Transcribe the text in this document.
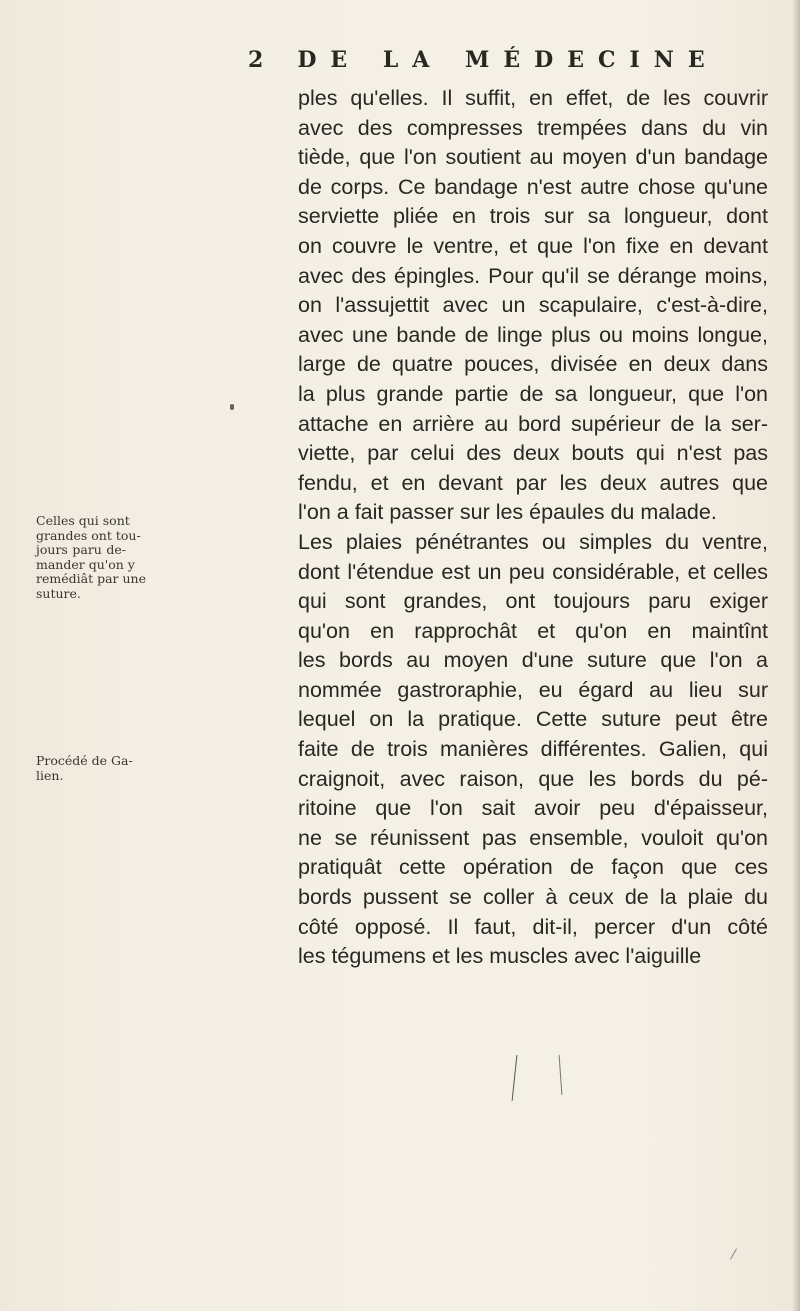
2 DE LA MÉDECINE
ples qu'elles. Il suffit, en effet, de les couvrir
avec des compresses trempées dans du vin
tiède, que l'on soutient au moyen d'un bandage
de corps. Ce bandage n'est autre chose qu'une
serviette pliée en trois sur sa longueur, dont
on couvre le ventre, et que l'on fixe en devant
avec des épingles. Pour qu'il se dérange moins,
on l'assujettit avec un scapulaire, c'est-à-dire,
avec une bande de linge plus ou moins longue,
large de quatre pouces, divisée en deux dans
la plus grande partie de sa longueur, que l'on
attache en arrière au bord supérieur de la ser-
viette, par celui des deux bouts qui n'est pas
fendu, et en devant par les deux autres que
l'on a fait passer sur les épaules du malade.
Les plaies pénétrantes ou simples du ventre,
dont l'étendue est un peu considérable, et celles
qui sont grandes, ont toujours paru exiger
qu'on en rapprochât et qu'on en maintînt
les bords au moyen d'une suture que l'on a
nommée gastroraphie, eu égard au lieu sur
lequel on la pratique. Cette suture peut être
faite de trois manières différentes. Galien, qui
craignoit, avec raison, que les bords du pé-
ritoine que l'on sait avoir peu d'épaisseur,
ne se réunissent pas ensemble, vouloit qu'on
pratiquât cette opération de façon que ces
bords pussent se coller à ceux de la plaie du
côté opposé. Il faut, dit-il, percer d'un côté
les tégumens et les muscles avec l'aiguille
Celles qui sont
grandes ont tou-
jours paru de-
mander qu'on y
remédiât par une
suture.
Procédé de Ga-
lien.
